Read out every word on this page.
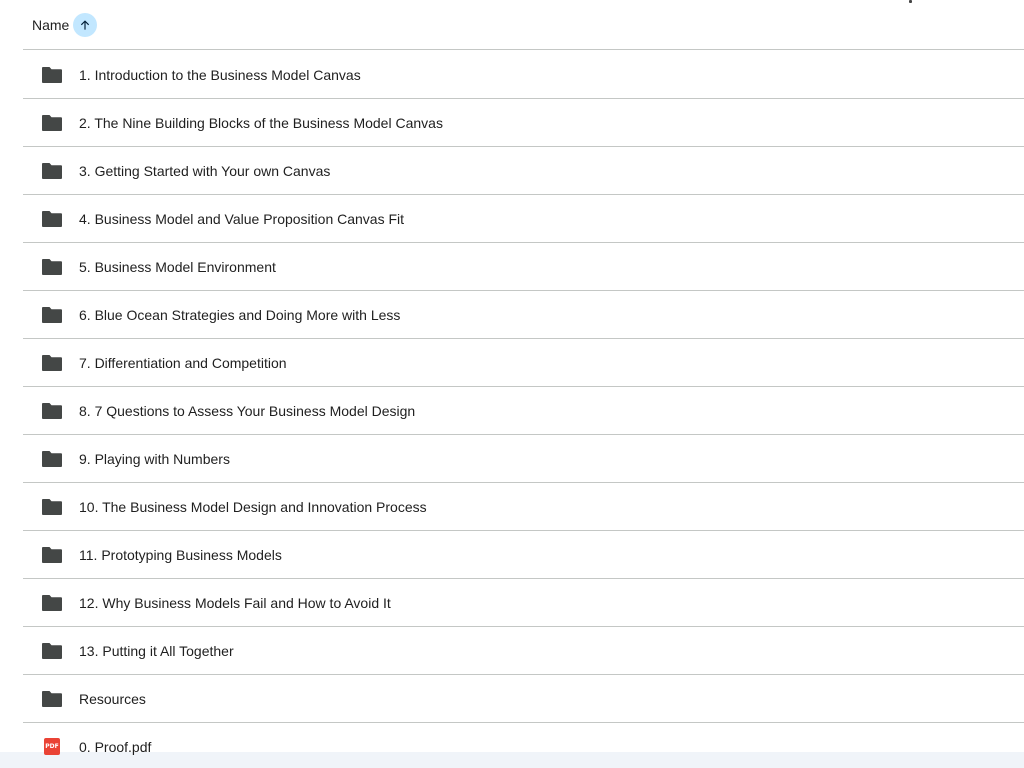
Name
1. Introduction to the Business Model Canvas
2. The Nine Building Blocks of the Business Model Canvas
3. Getting Started with Your own Canvas
4. Business Model and Value Proposition Canvas Fit
5. Business Model Environment
6. Blue Ocean Strategies and Doing More with Less
7. Differentiation and Competition
8. 7 Questions to Assess Your Business Model Design
9. Playing with Numbers
10. The Business Model Design and Innovation Process
11. Prototyping Business Models
12. Why Business Models Fail and How to Avoid It
13. Putting it All Together
Resources
PDF 0. Proof.pdf
